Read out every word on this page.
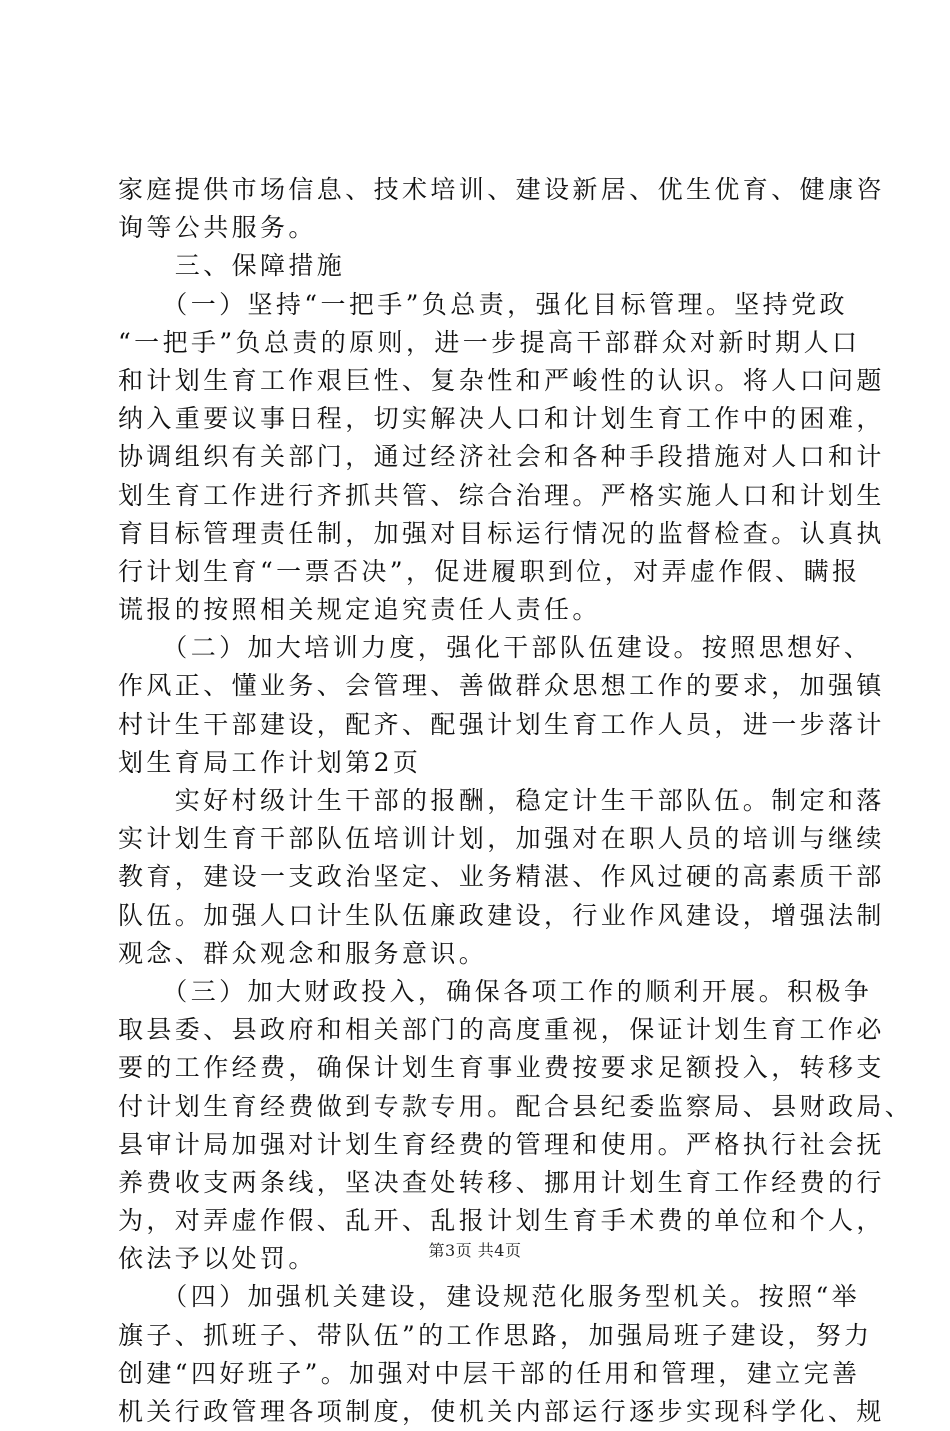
家庭提供市场信息、技术培训、建设新居、优生优育、健康咨
询等公共服务。
　　三、保障措施
　　（一）坚持“一把手”负总责，强化目标管理。坚持党政
“一把手”负总责的原则，进一步提高干部群众对新时期人口
和计划生育工作艰巨性、复杂性和严峻性的认识。将人口问题
纳入重要议事日程，切实解决人口和计划生育工作中的困难，
协调组织有关部门，通过经济社会和各种手段措施对人口和计
划生育工作进行齐抓共管、综合治理。严格实施人口和计划生
育目标管理责任制，加强对目标运行情况的监督检查。认真执
行计划生育“一票否决”，促进履职到位，对弄虚作假、瞒报
谎报的按照相关规定追究责任人责任。
　　（二）加大培训力度，强化干部队伍建设。按照思想好、
作风正、懂业务、会管理、善做群众思想工作的要求，加强镇
村计生干部建设，配齐、配强计划生育工作人员，进一步落计
划生育局工作计划第2页
　　实好村级计生干部的报酬，稳定计生干部队伍。制定和落
实计划生育干部队伍培训计划，加强对在职人员的培训与继续
教育，建设一支政治坚定、业务精湛、作风过硬的高素质干部
队伍。加强人口计生队伍廉政建设，行业作风建设，增强法制
观念、群众观念和服务意识。
　　（三）加大财政投入，确保各项工作的顺利开展。积极争
取县委、县政府和相关部门的高度重视，保证计划生育工作必
要的工作经费，确保计划生育事业费按要求足额投入，转移支
付计划生育经费做到专款专用。配合县纪委监察局、县财政局、
县审计局加强对计划生育经费的管理和使用。严格执行社会抚
养费收支两条线，坚决查处转移、挪用计划生育工作经费的行
为，对弄虚作假、乱开、乱报计划生育手术费的单位和个人，
依法予以处罚。
　　（四）加强机关建设，建设规范化服务型机关。按照“举
旗子、抓班子、带队伍”的工作思路，加强局班子建设，努力
创建“四好班子”。加强对中层干部的任用和管理，建立完善
机关行政管理各项制度，使机关内部运行逐步实现科学化、规
第3页 共4页
